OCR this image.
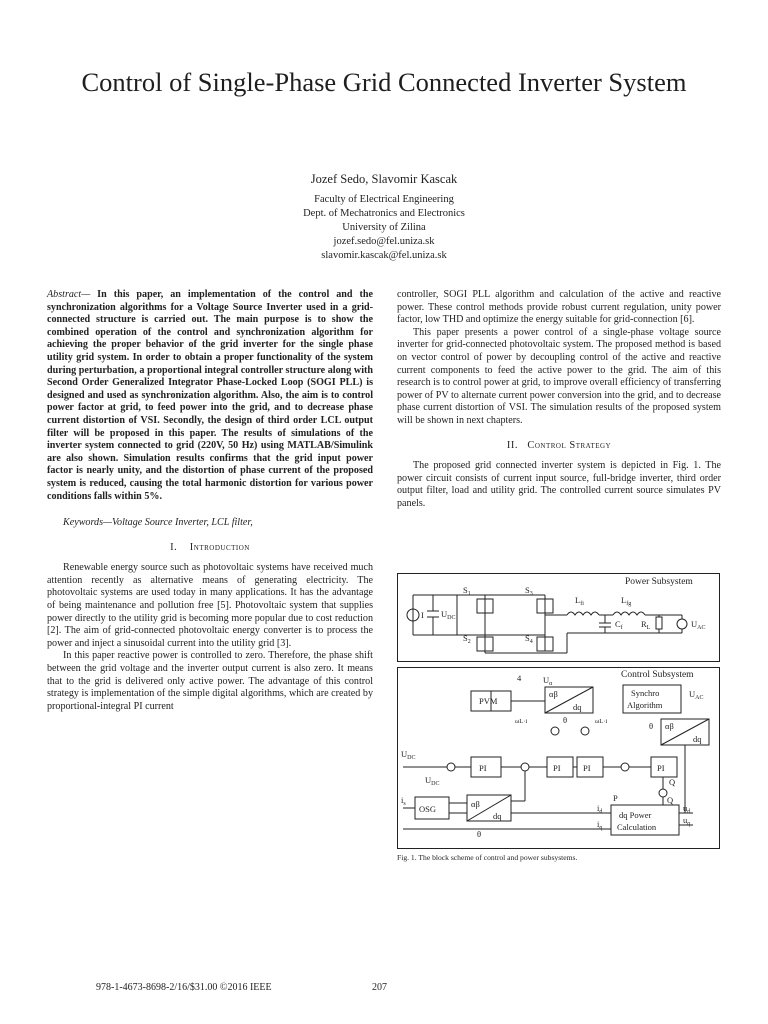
Control of Single-Phase Grid Connected Inverter System
Jozef Sedo, Slavomir Kascak
Faculty of Electrical Engineering
Dept. of Mechatronics and Electronics
University of Zilina
jozef.sedo@fel.uniza.sk
slavomir.kascak@fel.uniza.sk

Abstract— In this paper, an implementation of the control and the synchronization algorithms for a Voltage Source Inverter used in a grid-connected structure is carried out. The main purpose is to show the combined operation of the control and synchronization algorithm for achieving the proper behavior of the grid inverter for the single phase utility grid system. In order to obtain a proper functionality of the system during perturbation, a proportional integral controller structure along with Second Order Generalized Integrator Phase-Locked Loop (SOGI PLL) is designed and used as synchronization algorithm. Also, the aim is to control power factor at grid, to feed power into the grid, and to decrease phase current distortion of VSI. Secondly, the design of third order LCL output filter will be proposed in this paper. The results of simulations of the inverter system connected to grid (220V, 50 Hz) using MATLAB/Simulink are also shown. Simulation results confirms that the grid input power factor is nearly unity, and the distortion of phase current of the proposed system is reduced, causing the total harmonic distortion for various power conditions falls within 5%.

Keywords—Voltage Source Inverter, LCL filter,

I. Introduction

Renewable energy source such as photovoltaic systems have received much attention recently as alternative means of generating electricity. The photovoltaic systems are used today in many applications. It has the advantage of being maintenance and pollution free [5]. Photovoltaic system that supplies power directly to the utility grid is becoming more popular due to cost reduction [2]. The aim of grid-connected photovoltaic energy converter is to process the power and inject a sinusoidal current into the utility grid [3].

In this paper reactive power is controlled to zero. Therefore, the phase shift between the grid voltage and the inverter output current is also zero. It means that to the grid is delivered only active power. The advantage of this control strategy is implementation of the simple digital algorithms, which are created by proportional-integral PI current

controller, SOGI PLL algorithm and calculation of the active and reactive power. These control methods provide robust current regulation, unity power factor, low THD and optimize the energy suitable for grid-connection [6].

This paper presents a power control of a single-phase voltage source inverter for grid-connected photovoltaic system. The proposed method is based on vector control of power by decoupling control of the active and reactive current components to feed the active power to the grid. The aim of this research is to control power at grid, to improve overall efficiency of transferring power of PV to alternate current power conversion into the grid, and to decrease phase current distortion of VSI. The simulation results of the proposed system will be shown in next chapters.

II. Control Strategy

The proposed grid connected inverter system is depicted in Fig. 1. The power circuit consists of current input source, full-bridge inverter, third order output filter, load and utility grid. The controlled current source simulates PV panels.

Power Subsystem
Control Subsystem
I $U_{DC}$
$S_1$
$S_2$
$S_3$
$S_4$
$L_{fi}$	$L_{fg}$
$C_f$ $R_L$	$U_{AC}$
PVM
4	$U_\alpha$
αβ
dq
Synchro
Algorithm
$U_{AC}$
θ
θ
ωL·i	ωL·i	αβ
dq
$U_{DC}$
$U_{DC}$
PI	PI	PI	PI
OSG
$i_s$	αβ
dq
P	Q
Q
dq Power
Calculation
$i_d$
$i_q$
$u_d$
$u_q$
θ
Fig. 1. The block scheme of control and power subsystems.
978-1-4673-8698-2/16/$31.00 ©2016 IEEE	207
